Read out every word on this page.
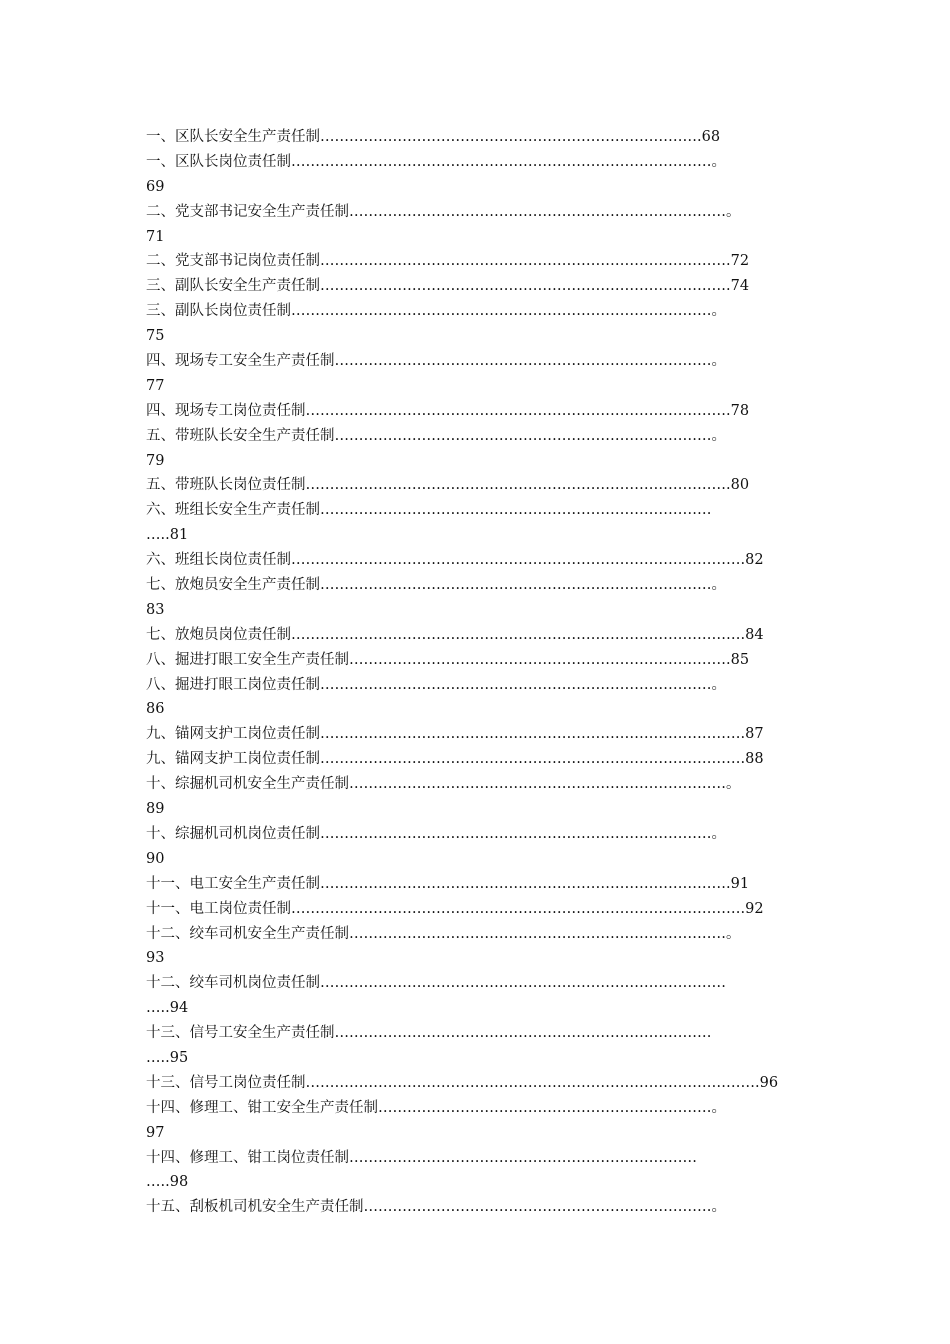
一、区队长安全生产责任制…………………………………………………………………….68
一、区队长岗位责任制……………………………………………………………………………。
69
二、党支部书记安全生产责任制……………………………………………………………………。
71
二、党支部书记岗位责任制………………………………………………………………………….72
三、副队长安全生产责任制………………………………………………………………………….74
三、副队长岗位责任制……………………………………………………………………………。
75
四、现场专工安全生产责任制……………………………………………………………………。
77
四、现场专工岗位责任制…………………………………………………………………………….78
五、带班队长安全生产责任制……………………………………………………………………。
79
五、带班队长岗位责任制…………………………………………………………………………….80
六、班组长安全生产责任制………………………………………………………………………
…..81
六、班组长岗位责任制………………………………………………………………………………….82
七、放炮员安全生产责任制………………………………………………………………………。
83
七、放炮员岗位责任制………………………………………………………………………………….84
八、掘进打眼工安全生产责任制…………………………………………………………………….85
八、掘进打眼工岗位责任制………………………………………………………………………。
86
九、锚网支护工岗位责任制…………………………………………………………………………….87
九、锚网支护工岗位责任制…………………………………………………………………………….88
十、综掘机司机安全生产责任制……………………………………………………………………。
89
十、综掘机司机岗位责任制………………………………………………………………………。
90
十一、电工安全生产责任制………………………………………………………………………….91
十一、电工岗位责任制………………………………………………………………………………….92
十二、绞车司机安全生产责任制……………………………………………………………………。
93
十二、绞车司机岗位责任制…………………………………………………………………………
…..94
十三、信号工安全生产责任制……………………………………………………………………
…..95
十三、信号工岗位责任制………………………………………………………………………………….96
十四、修理工、钳工安全生产责任制……………………………………………………………。
97
十四、修理工、钳工岗位责任制………………………………………………………………
…..98
十五、刮板机司机安全生产责任制………………………………………………………………。
